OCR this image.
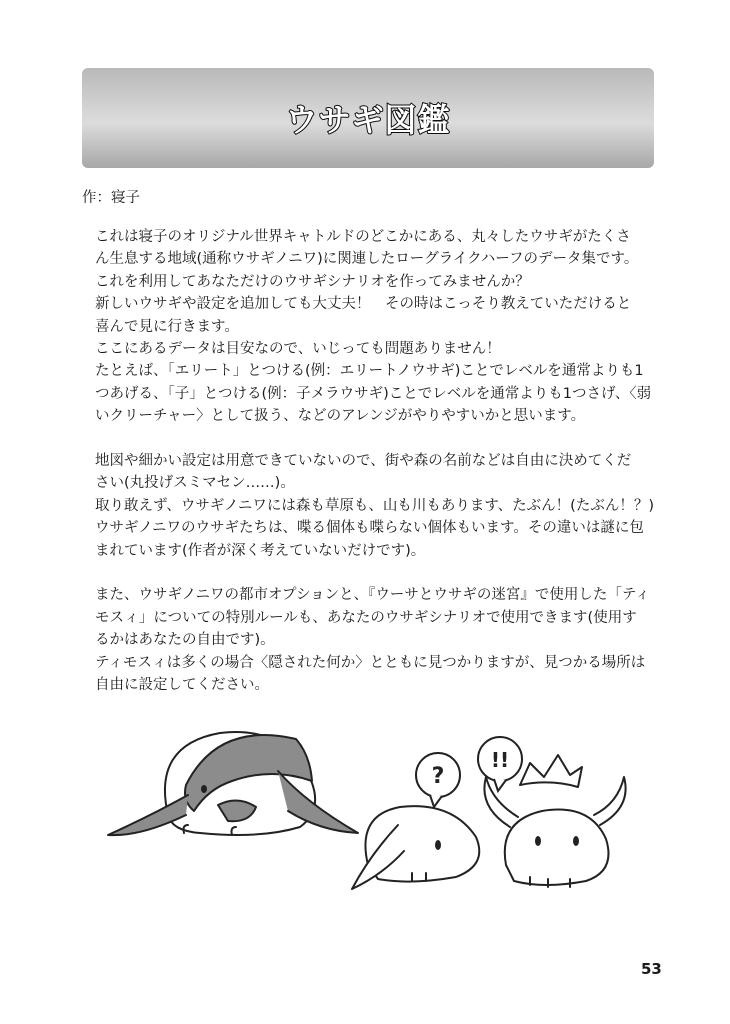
ウサギ図鑑
作：寝子

これは寝子のオリジナル世界キャトルドのどこかにある、丸々したウサギがたくさ
ん生息する地域(通称ウサギノニワ)に関連したローグライクハーフのデータ集です。
これを利用してあなただけのウサギシナリオを作ってみませんか？
新しいウサギや設定を追加しても大丈夫！　その時はこっそり教えていただけると
喜んで見に行きます。
ここにあるデータは目安なので、いじっても問題ありません！
たとえば、「エリート」とつける(例：エリートノウサギ)ことでレベルを通常よりも1
つあげる、「子」とつける(例：子メラウサギ)ことでレベルを通常よりも1つさげ、〈弱
いクリーチャー〉として扱う、などのアレンジがやりやすいかと思います。

地図や細かい設定は用意できていないので、街や森の名前などは自由に決めてくだ
さい(丸投げスミマセン……)。
取り敢えず、ウサギノニワには森も草原も、山も川もあります、たぶん！(たぶん！？)
ウサギノニワのウサギたちは、喋る個体も喋らない個体もいます。その違いは謎に包
まれています(作者が深く考えていないだけです)。

また、ウサギノニワの都市オプションと、『ウーサとウサギの迷宮』で使用した「ティ
モスィ」についての特別ルールも、あなたのウサギシナリオで使用できます(使用す
るかはあなたの自由です)。
ティモスィは多くの場合〈隠された何か〉とともに見つかりますが、見つかる場所は
自由に設定してください。

?
!!
53
